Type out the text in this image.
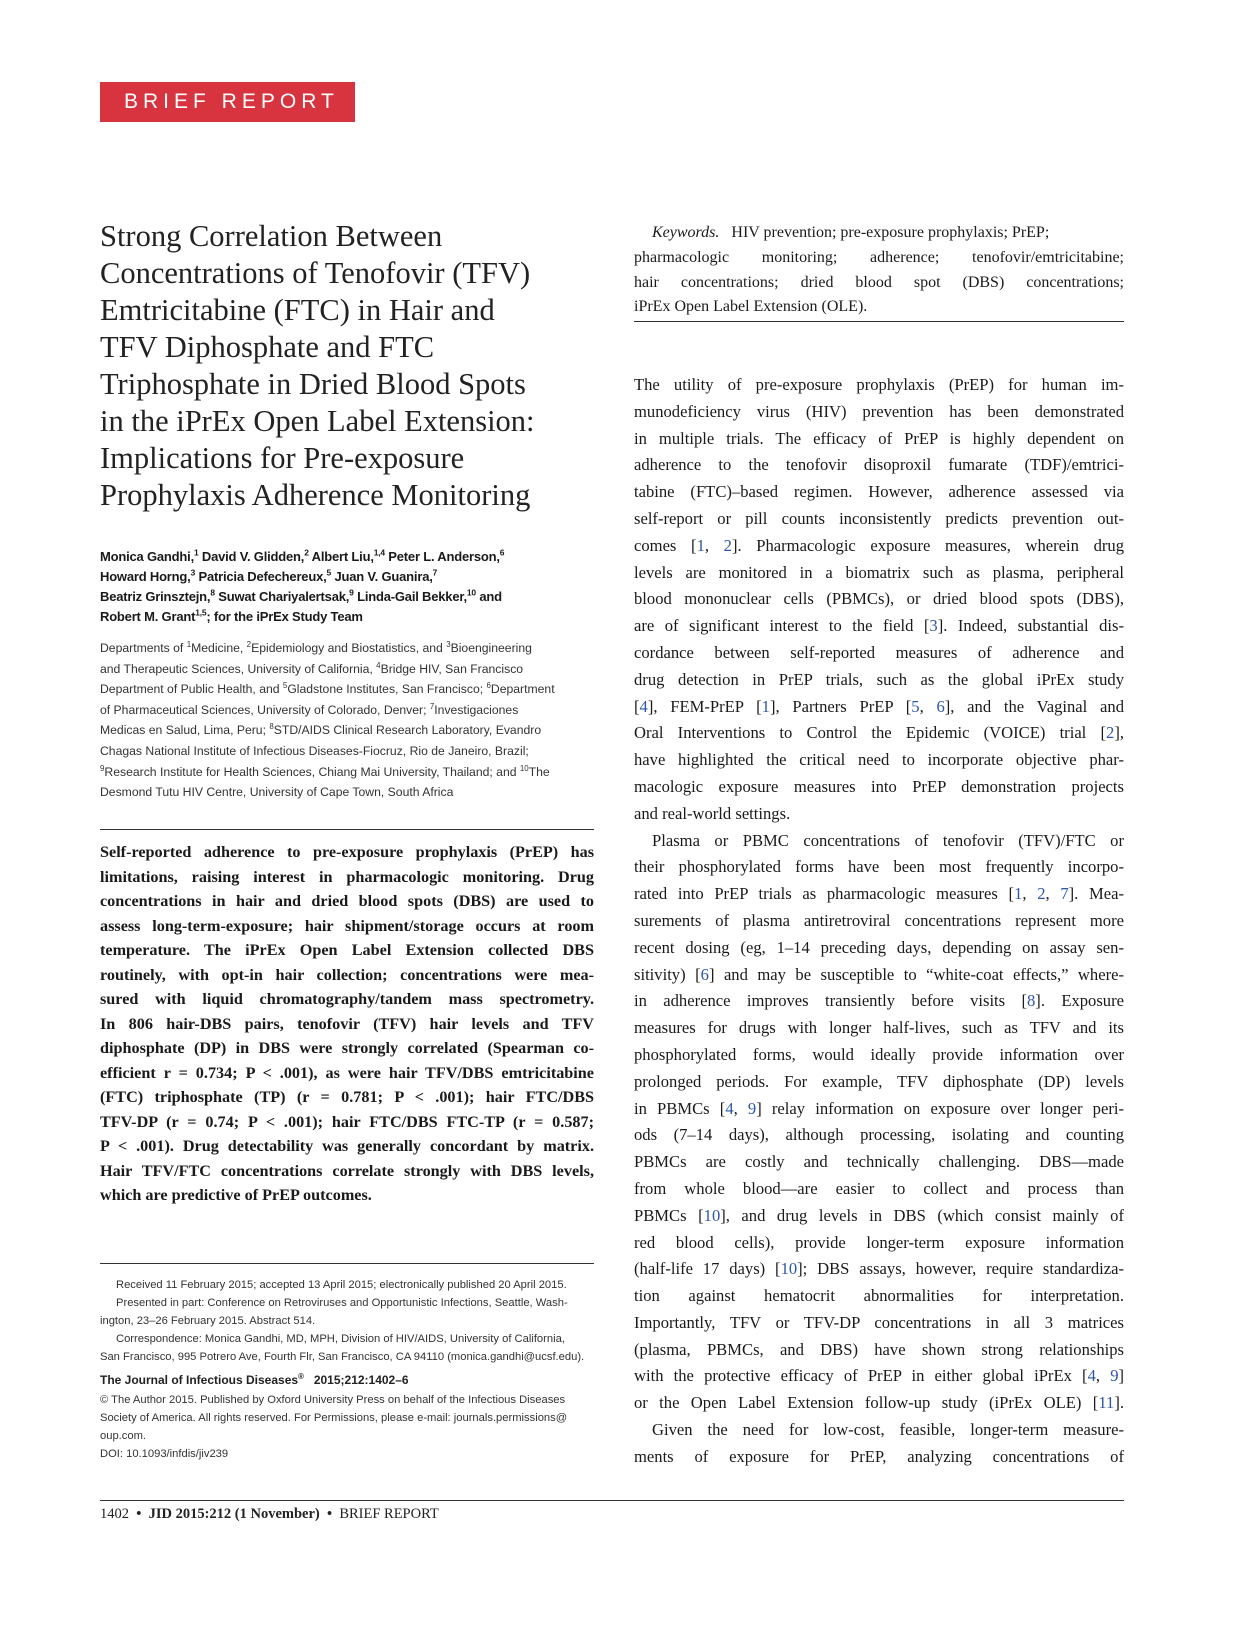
BRIEF REPORT
Strong Correlation Between
Concentrations of Tenofovir (TFV)
Emtricitabine (FTC) in Hair and
TFV Diphosphate and FTC
Triphosphate in Dried Blood Spots
in the iPrEx Open Label Extension:
Implications for Pre-exposure
Prophylaxis Adherence Monitoring
Monica Gandhi,$^1$ David V. Glidden,$^2$ Albert Liu,$^{1,4}$ Peter L. Anderson,$^6$
Howard Horng,$^3$ Patricia Defechereux,$^5$ Juan V. Guanira,$^7$
Beatriz Grinsztejn,$^8$ Suwat Chariyalertsak,$^9$ Linda-Gail Bekker,$^{10}$ and
Robert M. Grant$^{1,5}$; for the iPrEx Study Team
Departments of $^1$Medicine, $^2$Epidemiology and Biostatistics, and $^3$Bioengineering
and Therapeutic Sciences, University of California, $^4$Bridge HIV, San Francisco
Department of Public Health, and $^5$Gladstone Institutes, San Francisco; $^6$Department
of Pharmaceutical Sciences, University of Colorado, Denver; $^7$Investigaciones
Medicas en Salud, Lima, Peru; $^8$STD/AIDS Clinical Research Laboratory, Evandro
Chagas National Institute of Infectious Diseases-Fiocruz, Rio de Janeiro, Brazil;
$^9$Research Institute for Health Sciences, Chiang Mai University, Thailand; and $^{10}$The
Desmond Tutu HIV Centre, University of Cape Town, South Africa
Self-reported adherence to pre-exposure prophylaxis (PrEP) has
limitations, raising interest in pharmacologic monitoring. Drug
concentrations in hair and dried blood spots (DBS) are used to
assess long-term-exposure; hair shipment/storage occurs at room
temperature. The iPrEx Open Label Extension collected DBS
routinely, with opt-in hair collection; concentrations were mea-
sured with liquid chromatography/tandem mass spectrometry.
In 806 hair-DBS pairs, tenofovir (TFV) hair levels and TFV
diphosphate (DP) in DBS were strongly correlated (Spearman co-
efficient r = 0.734; P < .001), as were hair TFV/DBS emtricitabine
(FTC) triphosphate (TP) (r = 0.781; P < .001); hair FTC/DBS
TFV-DP (r = 0.74; P < .001); hair FTC/DBS FTC-TP (r = 0.587;
P < .001). Drug detectability was generally concordant by matrix.
Hair TFV/FTC concentrations correlate strongly with DBS levels,
which are predictive of PrEP outcomes.
Received 11 February 2015; accepted 13 April 2015; electronically published 20 April 2015.
Presented in part: Conference on Retroviruses and Opportunistic Infections, Seattle, Wash-
ington, 23–26 February 2015. Abstract 514.
Correspondence: Monica Gandhi, MD, MPH, Division of HIV/AIDS, University of California,
San Francisco, 995 Potrero Ave, Fourth Flr, San Francisco, CA 94110 (monica.gandhi@ucsf.edu).
The Journal of Infectious Diseases® 2015;212:1402–6
© The Author 2015. Published by Oxford University Press on behalf of the Infectious Diseases
Society of America. All rights reserved. For Permissions, please e-mail: journals.permissions@
oup.com.
DOI: 10.1093/infdis/jiv239
Keywords. HIV prevention; pre-exposure prophylaxis; PrEP;
pharmacologic monitoring; adherence; tenofovir/emtricitabine;
hair concentrations; dried blood spot (DBS) concentrations;
iPrEx Open Label Extension (OLE).
The utility of pre-exposure prophylaxis (PrEP) for human im-
munodeficiency virus (HIV) prevention has been demonstrated
in multiple trials. The efficacy of PrEP is highly dependent on
adherence to the tenofovir disoproxil fumarate (TDF)/emtrici-
tabine (FTC)–based regimen. However, adherence assessed via
self-report or pill counts inconsistently predicts prevention out-
comes [1, 2]. Pharmacologic exposure measures, wherein drug
levels are monitored in a biomatrix such as plasma, peripheral
blood mononuclear cells (PBMCs), or dried blood spots (DBS),
are of significant interest to the field [3]. Indeed, substantial dis-
cordance between self-reported measures of adherence and
drug detection in PrEP trials, such as the global iPrEx study
[4], FEM-PrEP [1], Partners PrEP [5, 6], and the Vaginal and
Oral Interventions to Control the Epidemic (VOICE) trial [2],
have highlighted the critical need to incorporate objective phar-
macologic exposure measures into PrEP demonstration projects
and real-world settings.
Plasma or PBMC concentrations of tenofovir (TFV)/FTC or
their phosphorylated forms have been most frequently incorpo-
rated into PrEP trials as pharmacologic measures [1, 2, 7]. Mea-
surements of plasma antiretroviral concentrations represent more
recent dosing (eg, 1–14 preceding days, depending on assay sen-
sitivity) [6] and may be susceptible to “white-coat effects,” where-
in adherence improves transiently before visits [8]. Exposure
measures for drugs with longer half-lives, such as TFV and its
phosphorylated forms, would ideally provide information over
prolonged periods. For example, TFV diphosphate (DP) levels
in PBMCs [4, 9] relay information on exposure over longer peri-
ods (7–14 days), although processing, isolating and counting
PBMCs are costly and technically challenging. DBS—made
from whole blood—are easier to collect and process than
PBMCs [10], and drug levels in DBS (which consist mainly of
red blood cells), provide longer-term exposure information
(half-life 17 days) [10]; DBS assays, however, require standardiza-
tion against hematocrit abnormalities for interpretation.
Importantly, TFV or TFV-DP concentrations in all 3 matrices
(plasma, PBMCs, and DBS) have shown strong relationships
with the protective efficacy of PrEP in either global iPrEx [4, 9]
or the Open Label Extension follow-up study (iPrEx OLE) [11].
Given the need for low-cost, feasible, longer-term measure-
ments of exposure for PrEP, analyzing concentrations of
1402 • JID 2015:212 (1 November) • BRIEF REPORT
